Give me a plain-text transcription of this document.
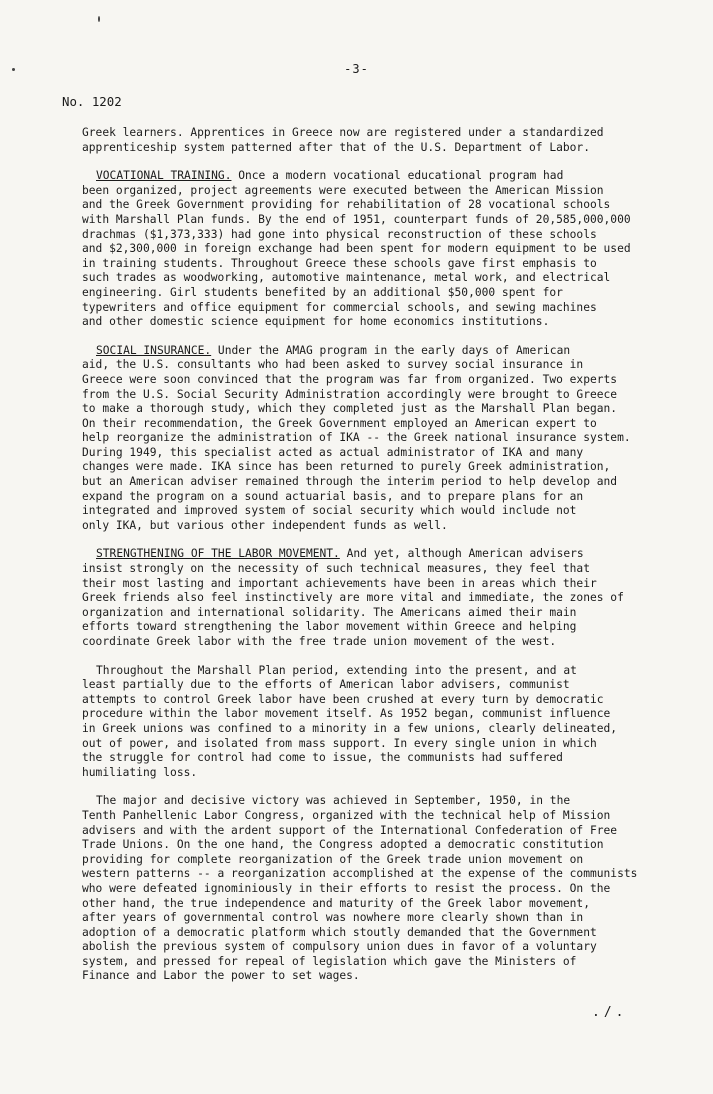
-3-
No. 1202
Greek learners. Apprentices in Greece now are registered under a standardized
apprenticeship system patterned after that of the U.S. Department of Labor.
VOCATIONAL TRAINING. Once a modern vocational educational program had
been organized, project agreements were executed between the American Mission
and the Greek Government providing for rehabilitation of 28 vocational schools
with Marshall Plan funds. By the end of 1951, counterpart funds of 20,585,000,000
drachmas ($1,373,333) had gone into physical reconstruction of these schools
and $2,300,000 in foreign exchange had been spent for modern equipment to be used
in training students. Throughout Greece these schools gave first emphasis to
such trades as woodworking, automotive maintenance, metal work, and electrical
engineering. Girl students benefited by an additional $50,000 spent for
typewriters and office equipment for commercial schools, and sewing machines
and other domestic science equipment for home economics institutions.
SOCIAL INSURANCE. Under the AMAG program in the early days of American
aid, the U.S. consultants who had been asked to survey social insurance in
Greece were soon convinced that the program was far from organized. Two experts
from the U.S. Social Security Administration accordingly were brought to Greece
to make a thorough study, which they completed just as the Marshall Plan began.
On their recommendation, the Greek Government employed an American expert to
help reorganize the administration of IKA -- the Greek national insurance system.
During 1949, this specialist acted as actual administrator of IKA and many
changes were made. IKA since has been returned to purely Greek administration,
but an American adviser remained through the interim period to help develop and
expand the program on a sound actuarial basis, and to prepare plans for an
integrated and improved system of social security which would include not
only IKA, but various other independent funds as well.
STRENGTHENING OF THE LABOR MOVEMENT. And yet, although American advisers
insist strongly on the necessity of such technical measures, they feel that
their most lasting and important achievements have been in areas which their
Greek friends also feel instinctively are more vital and immediate, the zones of
organization and international solidarity. The Americans aimed their main
efforts toward strengthening the labor movement within Greece and helping
coordinate Greek labor with the free trade union movement of the west.
Throughout the Marshall Plan period, extending into the present, and at
least partially due to the efforts of American labor advisers, communist
attempts to control Greek labor have been crushed at every turn by democratic
procedure within the labor movement itself. As 1952 began, communist influence
in Greek unions was confined to a minority in a few unions, clearly delineated,
out of power, and isolated from mass support. In every single union in which
the struggle for control had come to issue, the communists had suffered
humiliating loss.
The major and decisive victory was achieved in September, 1950, in the
Tenth Panhellenic Labor Congress, organized with the technical help of Mission
advisers and with the ardent support of the International Confederation of Free
Trade Unions. On the one hand, the Congress adopted a democratic constitution
providing for complete reorganization of the Greek trade union movement on
western patterns -- a reorganization accomplished at the expense of the communists
who were defeated ignominiously in their efforts to resist the process. On the
other hand, the true independence and maturity of the Greek labor movement,
after years of governmental control was nowhere more clearly shown than in
adoption of a democratic platform which stoutly demanded that the Government
abolish the previous system of compulsory union dues in favor of a voluntary
system, and pressed for repeal of legislation which gave the Ministers of
Finance and Labor the power to set wages.
./.
